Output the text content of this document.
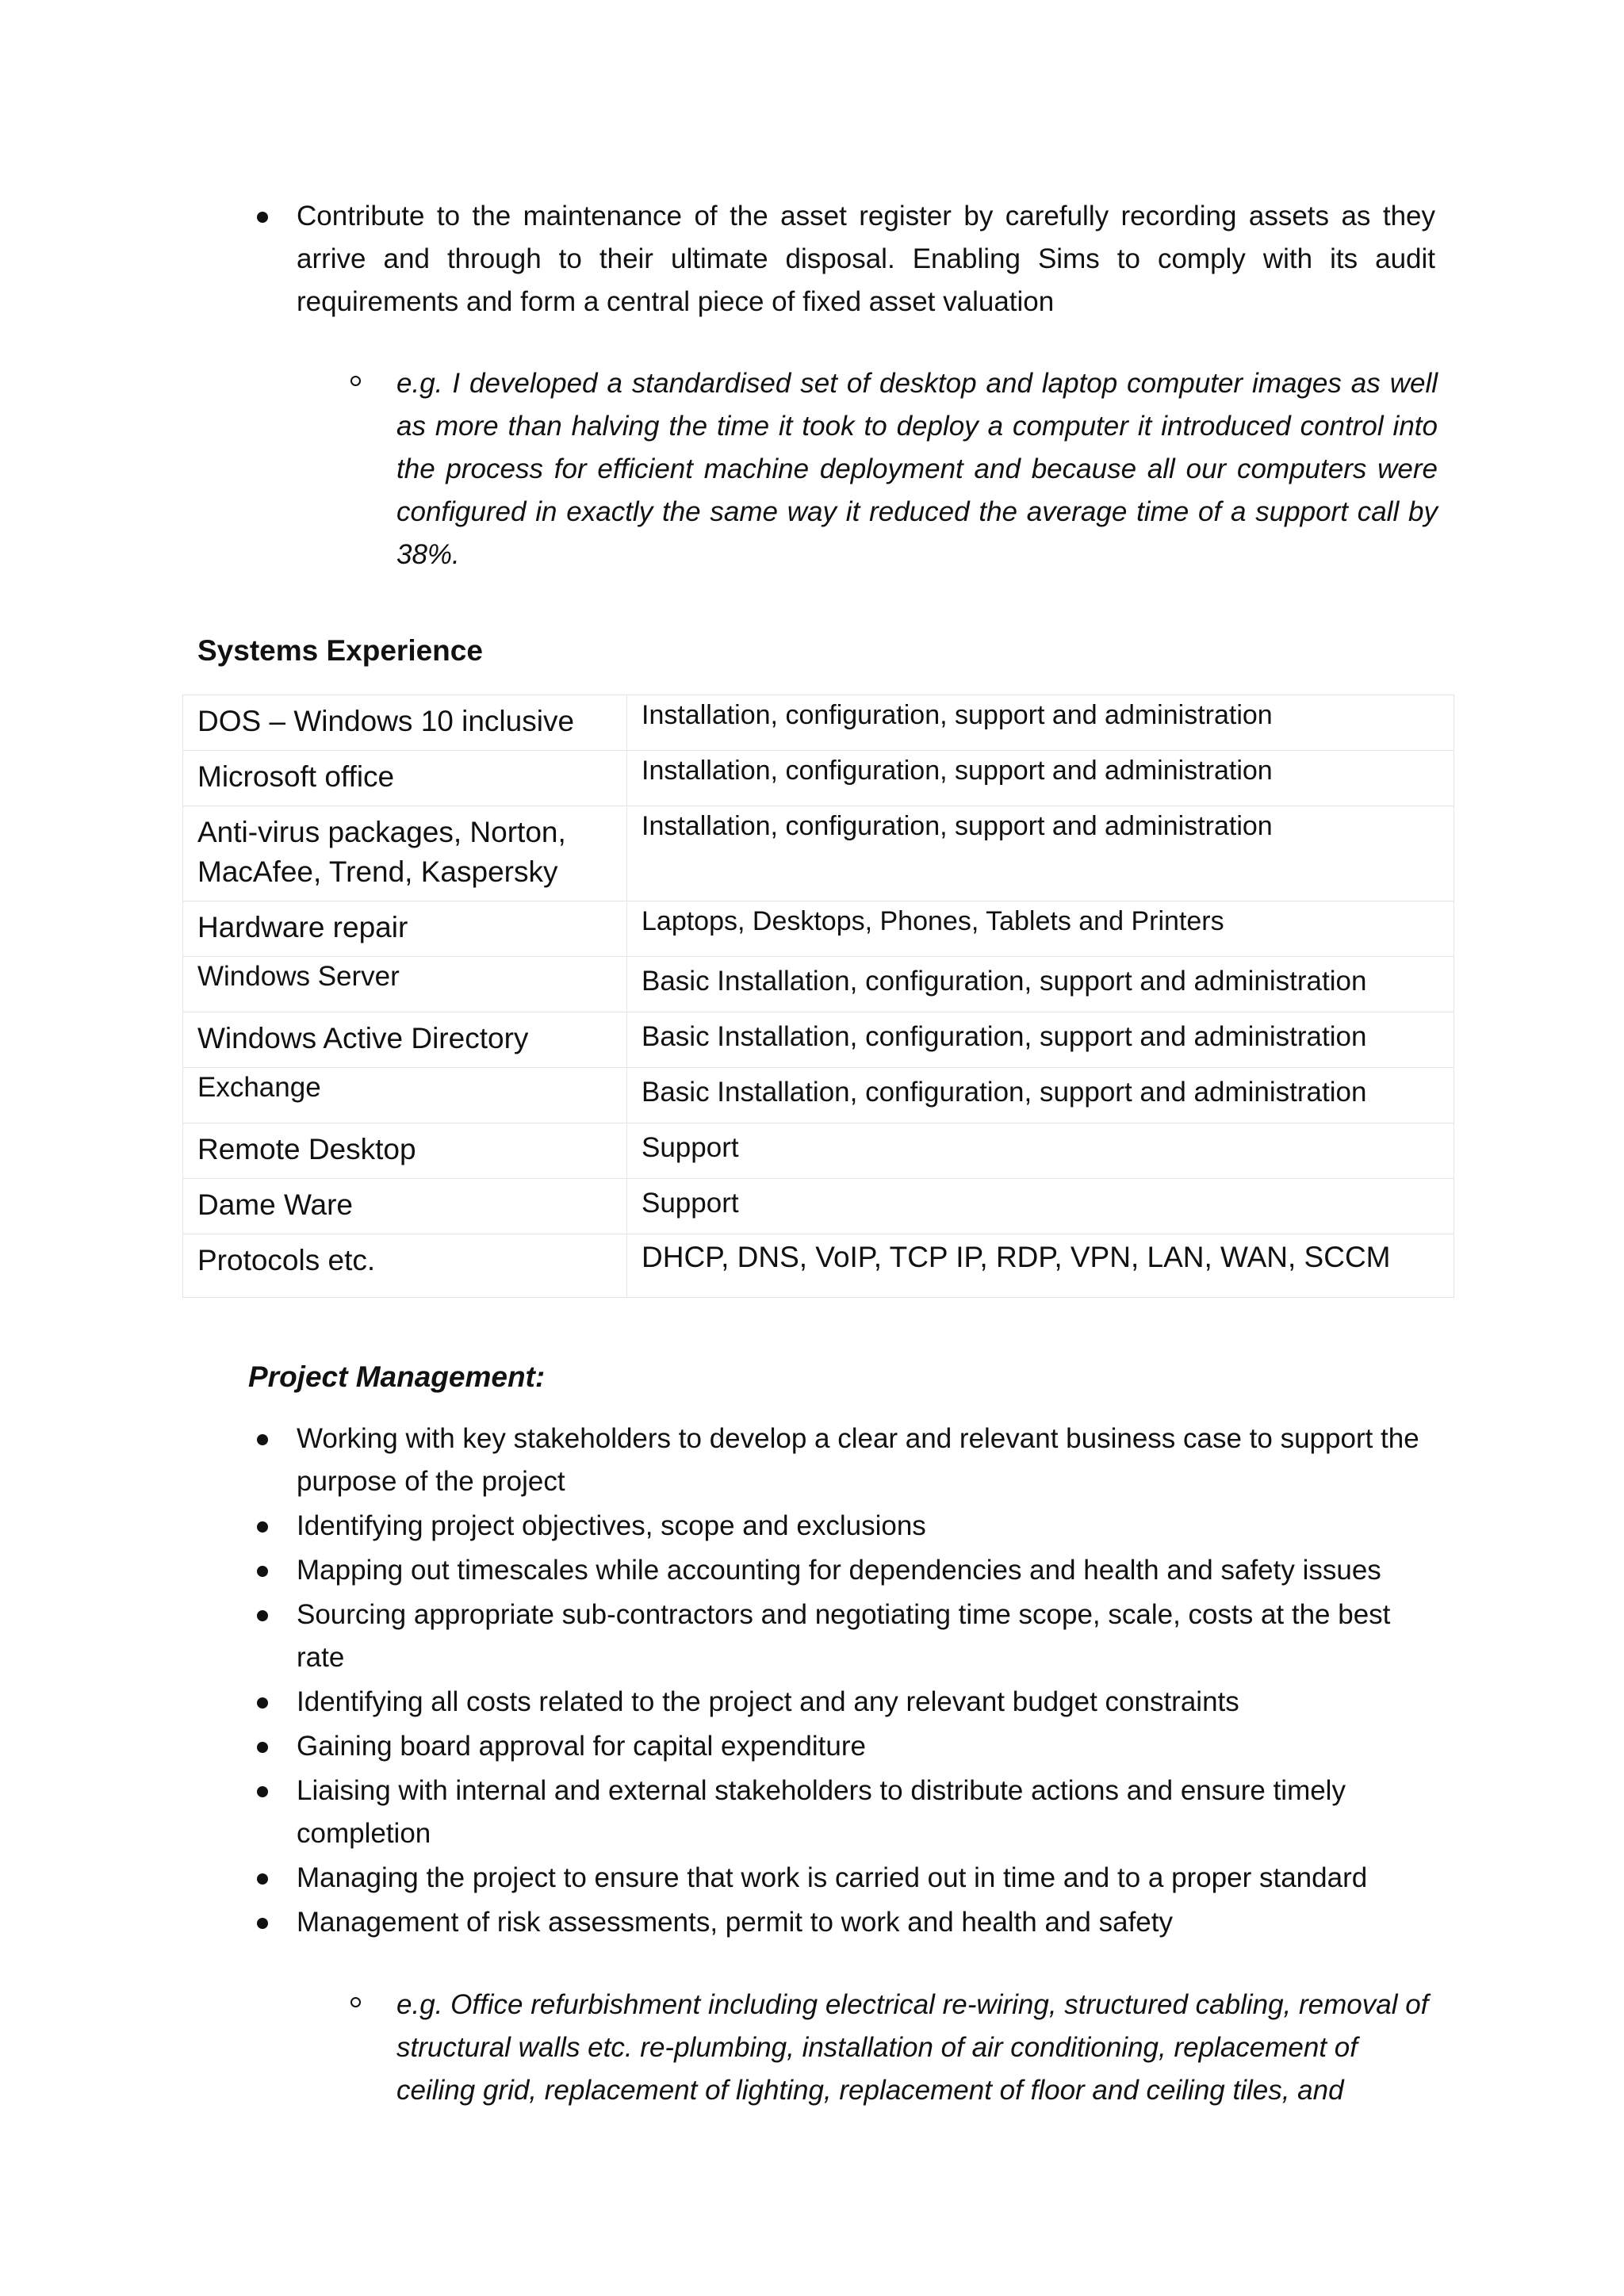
Contribute to the maintenance of the asset register by carefully recording assets as they arrive and through to their ultimate disposal. Enabling Sims to comply with its audit requirements and form a central piece of fixed asset valuation
e.g. I developed a standardised set of desktop and laptop computer images as well as more than halving the time it took to deploy a computer it introduced control into the process for efficient machine deployment and because all our computers were configured in exactly the same way it reduced the average time of a support call by 38%.
Systems Experience
DOS – Windows 10 inclusive	Installation, configuration, support and administration
Microsoft office	Installation, configuration, support and administration
Anti-virus packages, Norton, MacAfee, Trend, Kaspersky	Installation, configuration, support and administration
Hardware repair	Laptops, Desktops, Phones, Tablets and Printers
Windows Server	Basic Installation, configuration, support and administration
Windows Active Directory	Basic Installation, configuration, support and administration
Exchange	Basic Installation, configuration, support and administration
Remote Desktop	Support
Dame Ware	Support
Protocols etc.	DHCP, DNS, VoIP, TCP IP, RDP, VPN, LAN, WAN, SCCM
Project Management:
Working with key stakeholders to develop a clear and relevant business case to support the purpose of the project
Identifying project objectives, scope and exclusions
Mapping out timescales while accounting for dependencies and health and safety issues
Sourcing appropriate sub-contractors and negotiating time scope, scale, costs at the best rate
Identifying all costs related to the project and any relevant budget constraints
Gaining board approval for capital expenditure
Liaising with internal and external stakeholders to distribute actions and ensure timely completion
Managing the project to ensure that work is carried out in time and to a proper standard
Management of risk assessments, permit to work and health and safety
e.g. Office refurbishment including electrical re-wiring, structured cabling, removal of structural walls etc. re-plumbing, installation of air conditioning, replacement of ceiling grid, replacement of lighting, replacement of floor and ceiling tiles, and
